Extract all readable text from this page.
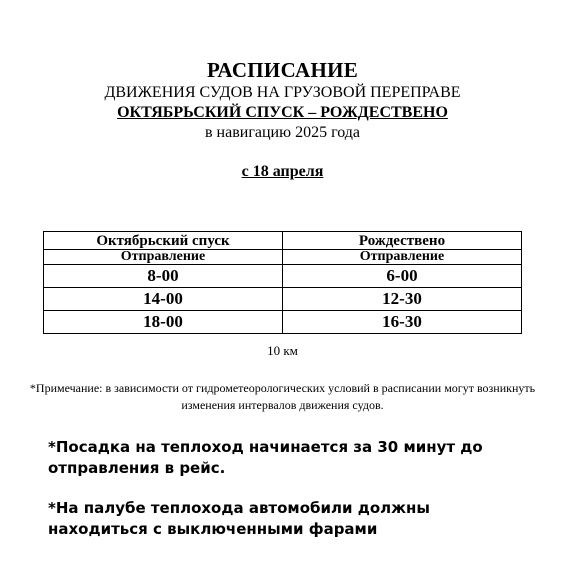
РАСПИСАНИЕ
ДВИЖЕНИЯ СУДОВ НА ГРУЗОВОЙ ПЕРЕПРАВЕ
ОКТЯБРЬСКИЙ СПУСК – РОЖДЕСТВЕНО
в навигацию 2025 года
с 18 апреля
Октябрьский спуск	Рождествено
Отправление	Отправление
8-00	6-00
14-00	12-30
18-00	16-30
10 км
*Примечание: в зависимости от гидрометеорологических условий в расписании могут возникнуть изменения интервалов движения судов.
*Посадка на теплоход начинается за 30 минут до отправления в рейс.
*На палубе теплохода автомобили должны находиться с выключенными фарами
